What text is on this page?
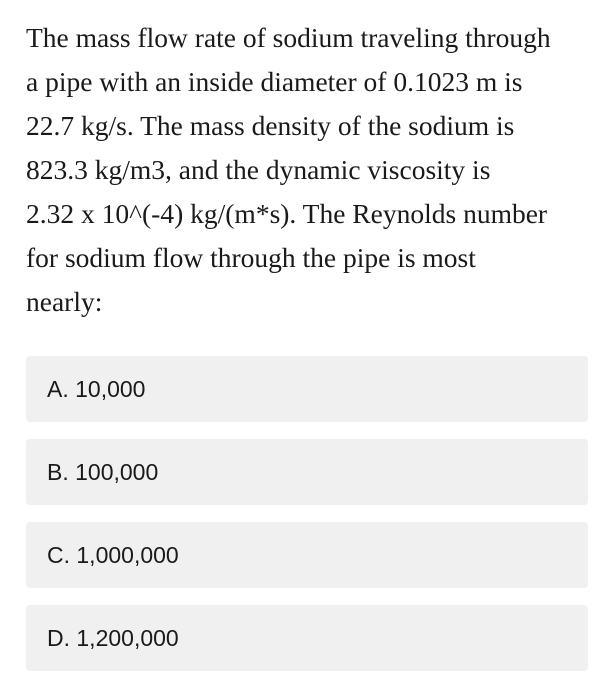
The mass flow rate of sodium traveling through
a pipe with an inside diameter of 0.1023 m is
22.7 kg/s. The mass density of the sodium is
823.3 kg/m3, and the dynamic viscosity is
2.32 x 10^(-4) kg/(m*s). The Reynolds number
for sodium flow through the pipe is most
nearly:
A. 10,000
B. 100,000
C. 1,000,000
D. 1,200,000
